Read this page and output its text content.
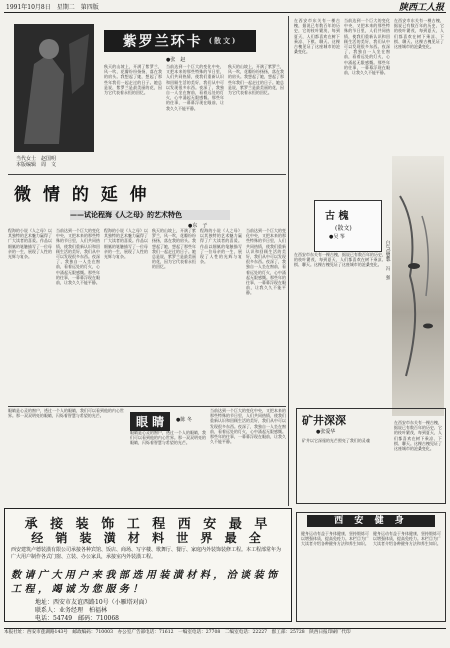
1991年10月8日　星期二　第四版	陕西工人报
当代女士　赵国明
本版编辑　周　文
紫罗兰环卡 (散文)
●张　赵
秋天的山坡上，开满了紫罗兰，风一吹，花瓣纷纷扬扬，落在我的肩头。我想起了她，想起了那些年我们一起走过的日子。她总是说，紫罗兰是最美丽的花，因为它代表着永恒的回忆。
当前达到一个巨大的变化中央，又把本来的那些特殊的节日里，人们共同热情，使我们重新认识和回顾生活的美好，我们从中可以发现很多东西。夜深了，我独自一人坐在窗前，看着远处的灯火，心中涌起无限感慨。那些年的往事，一幕幕浮现在眼前，让我久久不能平静。
秋天的山坡上，开满了紫罗兰，风一吹，花瓣纷纷扬扬，落在我的肩头。我想起了她，想起了那些年我们一起走过的日子。她总是说，紫罗兰是最美丽的花，因为它代表着永恒的回忆。
在西安市东关有一棵古槐，据说已有数百年的历史，它的枝叶繁茂，每到夏天，人们都喜欢在树下乘凉、下棋、聊天。这棵古槐见证了这座城市的沧桑变化。
当前达到一个巨大的变化中央，又把本来的那些特殊的节日里，人们共同热情，使我们重新认识和回顾生活的美好，我们从中可以发现很多东西。夜深了，我独自一人坐在窗前，看着远处的灯火，心中涌起无限感慨。那些年的往事，一幕幕浮现在眼前，让我久久不能平静。
在西安市东关有一棵古槐，据说已有数百年的历史，它的枝叶繁茂，每到夏天，人们都喜欢在树下乘凉、下棋、聊天。这棵古槐见证了这座城市的沧桑变化。
古 槐
(散文)
●吴 筝
在西安市东关有一棵古槐，据说已有数百年的历史，它的枝叶繁茂，每到夏天，人们都喜欢在树下乘凉、下棋、聊天。这棵古槐见证了这座城市的沧桑变化。 白鸟(国画)　冯　强
微 情 的 延 伸
——试论程海《人之母》的艺术特色
●东　子
程海的小说《人之母》以其独特的艺术魅力赢得了广大读者的喜爱。作品以细腻的笔触描写了一位母亲的一生，展现了人性的光辉与复杂。
当前达到一个巨大的变化中央，又把本来的那些特殊的节日里，人们共同热情，使我们重新认识和回顾生活的美好，我们从中可以发现很多东西。夜深了，我独自一人坐在窗前，看着远处的灯火，心中涌起无限感慨。那些年的往事，一幕幕浮现在眼前，让我久久不能平静。
程海的小说《人之母》以其独特的艺术魅力赢得了广大读者的喜爱。作品以细腻的笔触描写了一位母亲的一生，展现了人性的光辉与复杂。
秋天的山坡上，开满了紫罗兰，风一吹，花瓣纷纷扬扬，落在我的肩头。我想起了她，想起了那些年我们一起走过的日子。她总是说，紫罗兰是最美丽的花，因为它代表着永恒的回忆。
程海的小说《人之母》以其独特的艺术魅力赢得了广大读者的喜爱。作品以细腻的笔触描写了一位母亲的一生，展现了人性的光辉与复杂。
当前达到一个巨大的变化中央，又把本来的那些特殊的节日里，人们共同热情，使我们重新认识和回顾生活的美好，我们从中可以发现很多东西。夜深了，我独自一人坐在窗前，看着远处的灯火，心中涌起无限感慨。那些年的往事，一幕幕浮现在眼前，让我久久不能平静。
眼 睛	●陈 冬
眼睛是心灵的窗户，透过一个人的眼睛，我们可以看到他的内心世界。那一双双明亮的眼睛，闪烁着智慧与希望的光芒。
眼睛是心灵的窗户，透过一个人的眼睛，我们可以看到他的内心世界。那一双双明亮的眼睛，闪烁着智慧与希望的光芒。
当前达到一个巨大的变化中央，又把本来的那些特殊的节日里，人们共同热情，使我们重新认识和回顾生活的美好，我们从中可以发现很多东西。夜深了，我独自一人坐在窗前，看着远处的灯火，心中涌起无限感慨。那些年的往事，一幕幕浮现在眼前，让我久久不能平静。
矿井深深
●张爱华
矿井以它深邃的光芒照亮了我们的灵魂
在西安市东关有一棵古槐，据说已有数百年的历史，它的枝叶繁茂，每到夏天，人们都喜欢在树下乘凉、下棋、聊天。这棵古槐见证了这座城市的沧桑变化。
承 接 装 饰 工 程 西 安 最 早
经 销 装 潢 材 料 世 界 最 全
西安建筑卢德装潢有限公司承接各种宾馆、饭店、商场、写字楼、歌舞厅、餐厅、家庭内外装饰装修工程。本工程部常年为广大用户制作各式门窗、立装、办公家具，承接室内外装潢工程。
数 请 广 大 用 户 来 我 部 选 用 装 潢 材 料 ， 洽 谈 装 饰 工 程 ， 竭 诚 为 您 服 务 ！
地址：西安市友谊西路10号（小雁塔对面）
联系人：业务经理　柏福林
电话：54749　邮码：710068
西 安 健 身
健身运动有益于身体健康，坚持锻炼可以增强体质，提高免疫力。本栏目为广大读者介绍各种健身方法和养生知识。
健身运动有益于身体健康，坚持锻炼可以增强体质，提高免疫力。本栏目为广大读者介绍各种健身方法和养生知识。
本报社址：西安市莲湖路143号　邮政编码：710003　办公室广告部电话：71612　一编室电话：27708　二编室电话：22227　群工部：25728　陕西日报印刷厂代印
